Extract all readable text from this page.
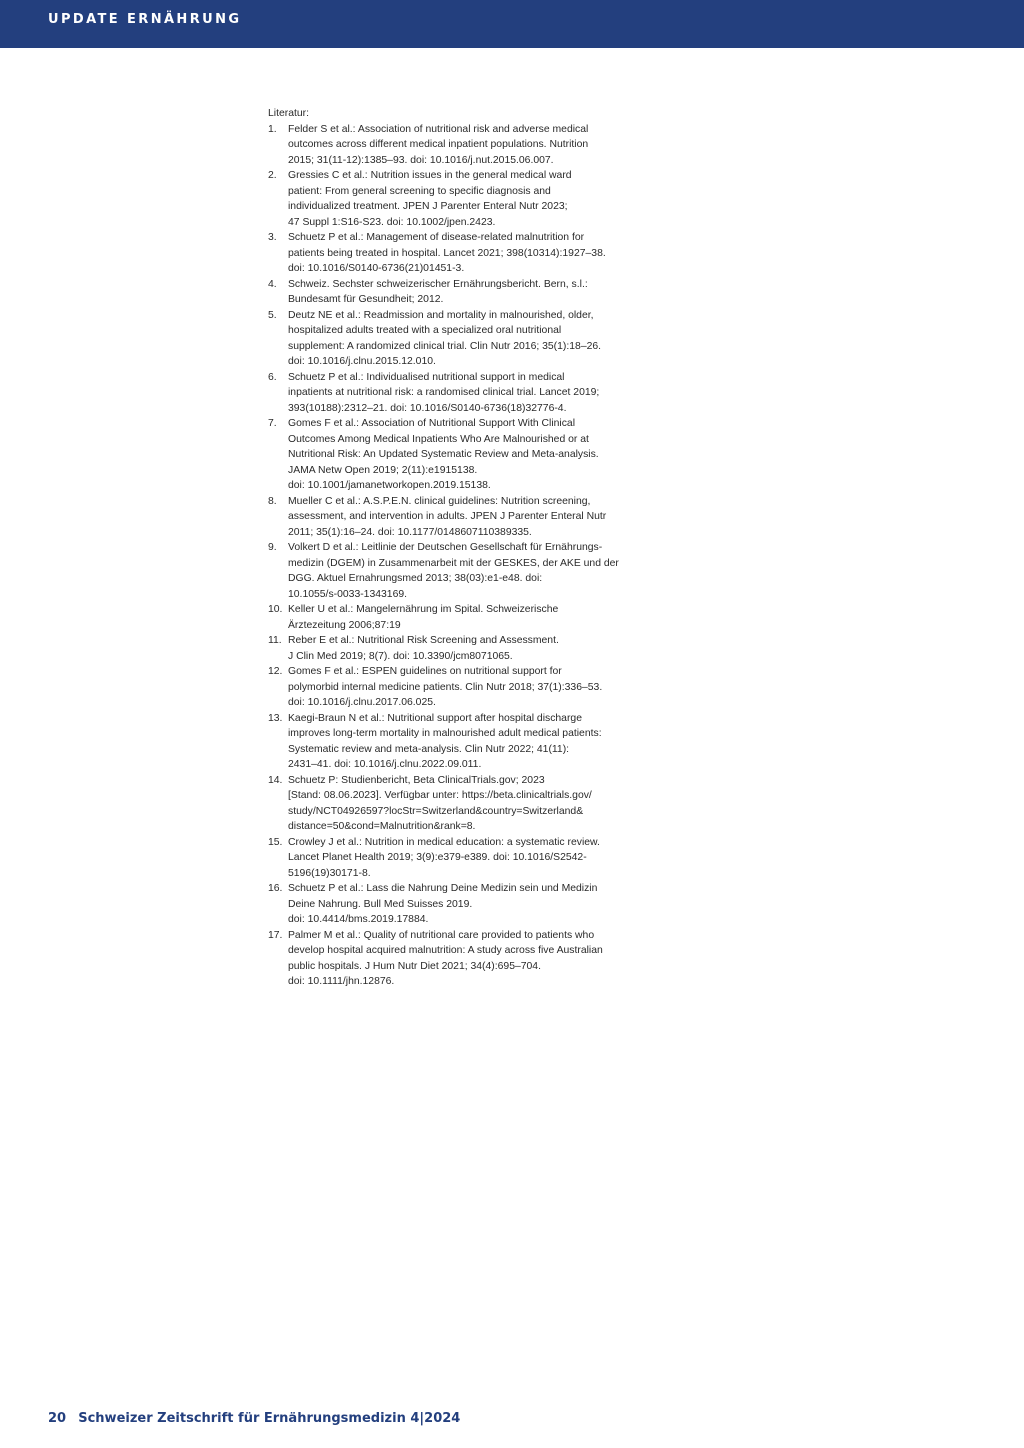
UPDATE ERNÄHRUNG
Literatur:
1. Felder S et al.: Association of nutritional risk and adverse medical
outcomes across different medical inpatient populations. Nutrition
2015; 31(11-12):1385–93. doi: 10.1016/j.nut.2015.06.007.
2. Gressies C et al.: Nutrition issues in the general medical ward
patient: From general screening to specific diagnosis and
individualized treatment. JPEN J Parenter Enteral Nutr 2023;
47 Suppl 1:S16-S23. doi: 10.1002/jpen.2423.
3. Schuetz P et al.: Management of disease-related malnutrition for
patients being treated in hospital. Lancet 2021; 398(10314):1927–38.
doi: 10.1016/S0140-6736(21)01451-3.
4. Schweiz. Sechster schweizerischer Ernährungsbericht. Bern, s.l.:
Bundesamt für Gesundheit; 2012.
5. Deutz NE et al.: Readmission and mortality in malnourished, older,
hospitalized adults treated with a specialized oral nutritional
supplement: A randomized clinical trial. Clin Nutr 2016; 35(1):18–26.
doi: 10.1016/j.clnu.2015.12.010.
6. Schuetz P et al.: Individualised nutritional support in medical
inpatients at nutritional risk: a randomised clinical trial. Lancet 2019;
393(10188):2312–21. doi: 10.1016/S0140-6736(18)32776-4.
7. Gomes F et al.: Association of Nutritional Support With Clinical
Outcomes Among Medical Inpatients Who Are Malnourished or at
Nutritional Risk: An Updated Systematic Review and Meta-analysis.
JAMA Netw Open 2019; 2(11):e1915138.
doi: 10.1001/jamanetworkopen.2019.15138.
8. Mueller C et al.: A.S.P.E.N. clinical guidelines: Nutrition screening,
assessment, and intervention in adults. JPEN J Parenter Enteral Nutr
2011; 35(1):16–24. doi: 10.1177/0148607110389335.
9. Volkert D et al.: Leitlinie der Deutschen Gesellschaft für Ernährungs-
medizin (DGEM) in Zusammenarbeit mit der GESKES, der AKE und der
DGG. Aktuel Ernahrungsmed 2013; 38(03):e1-e48. doi:
10.1055/s-0033-1343169.
10. Keller U et al.: Mangelernährung im Spital. Schweizerische
Ärztezeitung 2006;87:19
11. Reber E et al.: Nutritional Risk Screening and Assessment.
J Clin Med 2019; 8(7). doi: 10.3390/jcm8071065.
12. Gomes F et al.: ESPEN guidelines on nutritional support for
polymorbid internal medicine patients. Clin Nutr 2018; 37(1):336–53.
doi: 10.1016/j.clnu.2017.06.025.
13. Kaegi-Braun N et al.: Nutritional support after hospital discharge
improves long-term mortality in malnourished adult medical patients:
Systematic review and meta-analysis. Clin Nutr 2022; 41(11):
2431–41. doi: 10.1016/j.clnu.2022.09.011.
14. Schuetz P: Studienbericht, Beta ClinicalTrials.gov; 2023
[Stand: 08.06.2023]. Verfügbar unter: https://beta.clinicaltrials.gov/
study/NCT04926597?locStr=Switzerland&country=Switzerland&
distance=50&cond=Malnutrition&rank=8.
15. Crowley J et al.: Nutrition in medical education: a systematic review.
Lancet Planet Health 2019; 3(9):e379-e389. doi: 10.1016/S2542-
5196(19)30171-8.
16. Schuetz P et al.: Lass die Nahrung Deine Medizin sein und Medizin
Deine Nahrung. Bull Med Suisses 2019.
doi: 10.4414/bms.2019.17884.
17. Palmer M et al.: Quality of nutritional care provided to patients who
develop hospital acquired malnutrition: A study across five Australian
public hospitals. J Hum Nutr Diet 2021; 34(4):695–704.
doi: 10.1111/jhn.12876.
20 Schweizer Zeitschrift für Ernährungsmedizin 4|2024
